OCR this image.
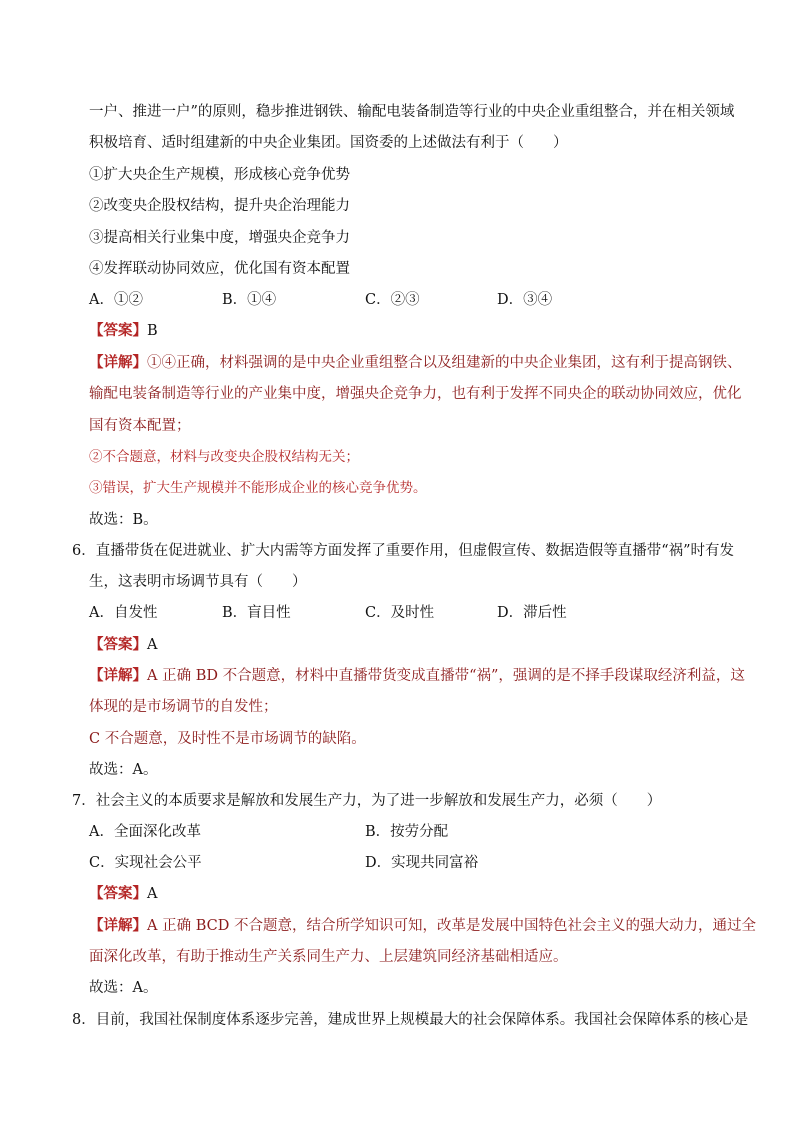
一户、推进一户”的原则，稳步推进钢铁、输配电装备制造等行业的中央企业重组整合，并在相关领域
积极培育、适时组建新的中央企业集团。国资委的上述做法有利于（　　）
①扩大央企生产规模，形成核心竞争优势
②改变央企股权结构，提升央企治理能力
③提高相关行业集中度，增强央企竞争力
④发挥联动协同效应，优化国有资本配置
A．①②	B．①④	C．②③	D．③④
【答案】B
【详解】①④正确，材料强调的是中央企业重组整合以及组建新的中央企业集团，这有利于提高钢铁、
输配电装备制造等行业的产业集中度，增强央企竞争力，也有利于发挥不同央企的联动协同效应，优化
国有资本配置；
②不合题意，材料与改变央企股权结构无关；
③错误，扩大生产规模并不能形成企业的核心竞争优势。
故选：B。
6．直播带货在促进就业、扩大内需等方面发挥了重要作用，但虚假宣传、数据造假等直播带“祸”时有发
生，这表明市场调节具有（　　）
A．自发性	B．盲目性	C．及时性	D．滞后性
【答案】A
【详解】A 正确 BD 不合题意，材料中直播带货变成直播带“祸”，强调的是不择手段谋取经济利益，这
体现的是市场调节的自发性；
C 不合题意，及时性不是市场调节的缺陷。
故选：A。
7．社会主义的本质要求是解放和发展生产力，为了进一步解放和发展生产力，必须（　　）
A．全面深化改革	B．按劳分配
C．实现社会公平	D．实现共同富裕
【答案】A
【详解】A 正确 BCD 不合题意，结合所学知识可知，改革是发展中国特色社会主义的强大动力，通过全
面深化改革，有助于推动生产关系同生产力、上层建筑同经济基础相适应。
故选：A。
8．目前，我国社保制度体系逐步完善，建成世界上规模最大的社会保障体系。我国社会保障体系的核心是
